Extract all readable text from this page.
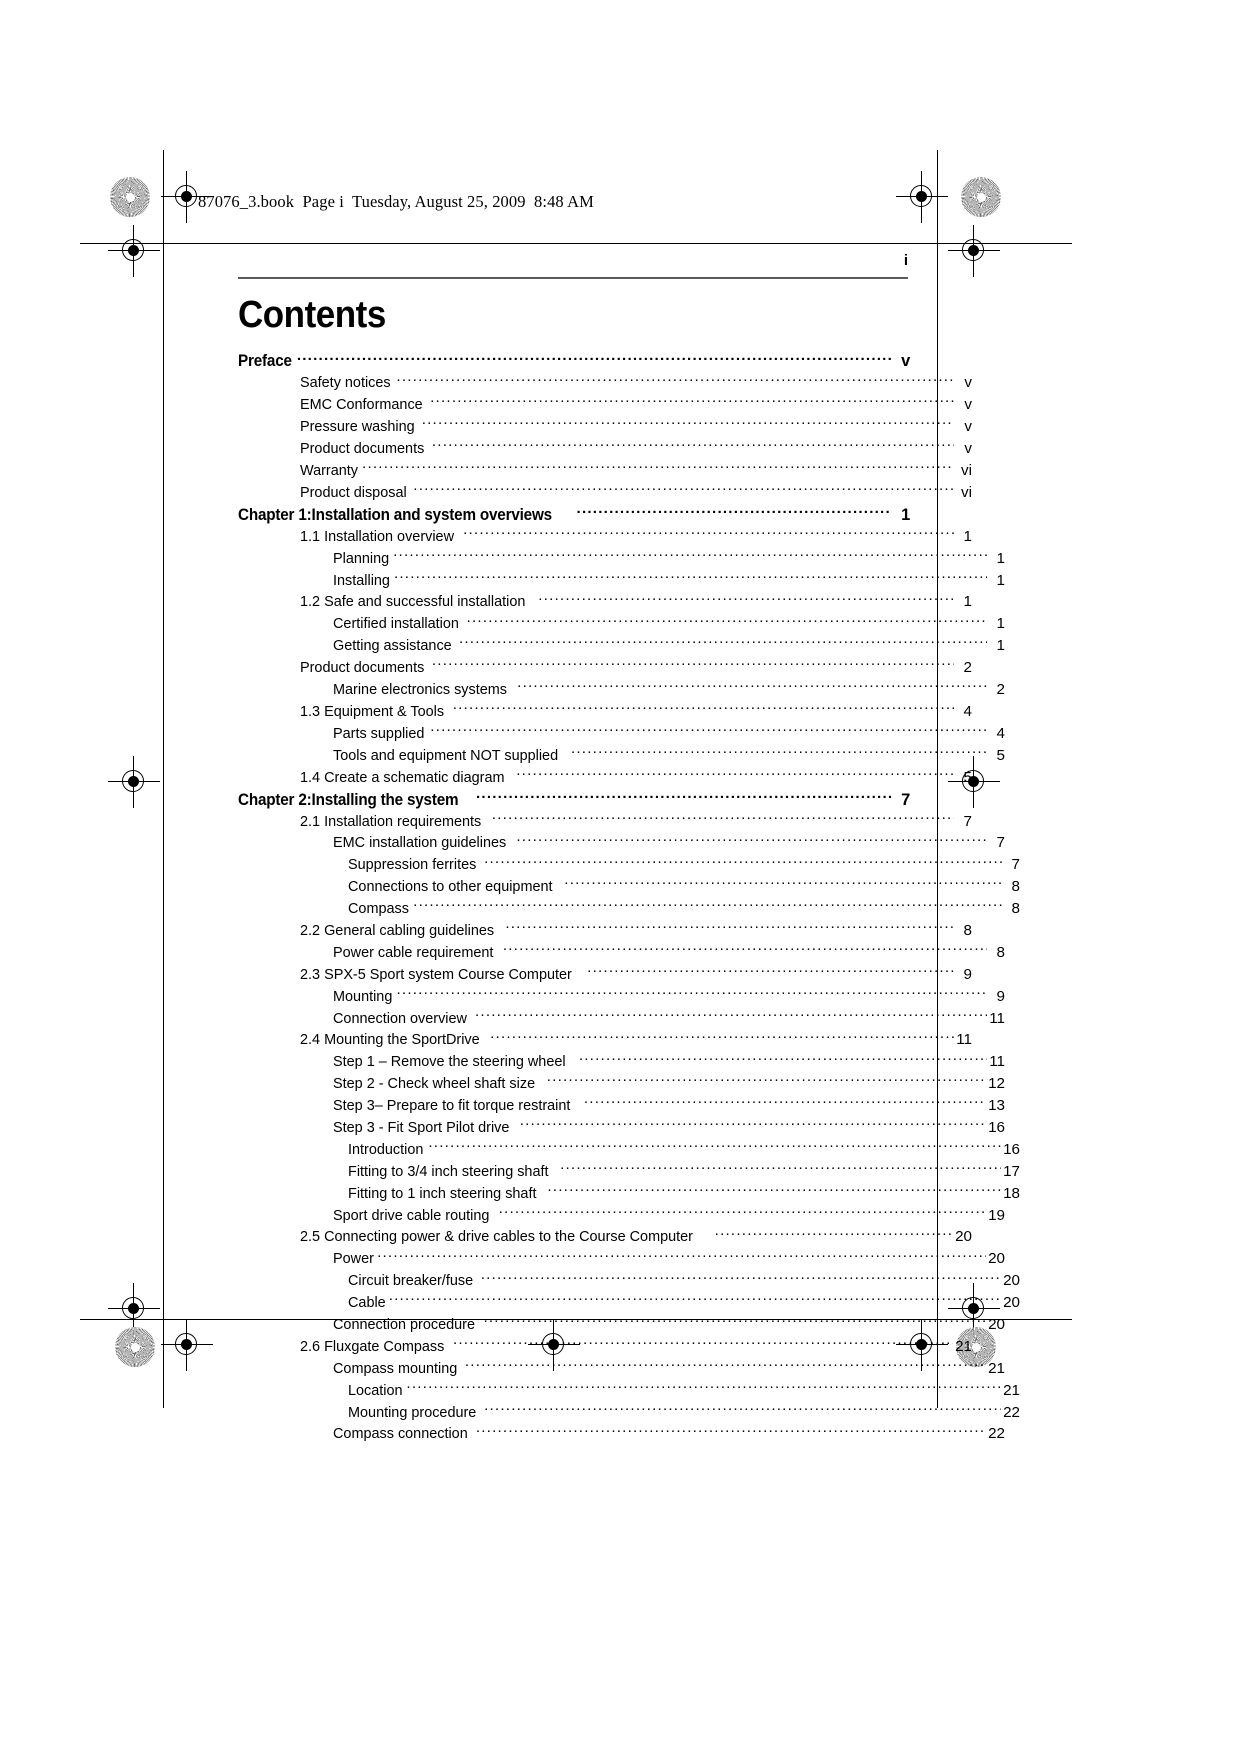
87076_3.book  Page i  Tuesday, August 25, 2009  8:48 AM
i
Contents
Preface .....	v
Safety notices .....	v
EMC Conformance .....	v
Pressure washing .....	v
Product documents .....	v
Warranty .....	vi
Product disposal .....	vi
Chapter 1:Installation and system overviews .....	1
1.1 Installation overview .....	1
Planning .....	1
Installing .....	1
1.2 Safe and successful installation .....	1
Certified installation .....	1
Getting assistance .....	1
Product documents .....	2
Marine electronics systems .....	2
1.3 Equipment & Tools .....	4
Parts supplied .....	4
Tools and equipment NOT supplied .....	5
1.4 Create a schematic diagram .....	5
Chapter 2:Installing the system .....	7
2.1 Installation requirements .....	7
EMC installation guidelines .....	7
Suppression ferrites .....	7
Connections to other equipment .....	8
Compass .....	8
2.2 General cabling guidelines .....	8
Power cable requirement .....	8
2.3 SPX-5 Sport system Course Computer .....	9
Mounting .....	9
Connection overview .....	11
2.4 Mounting the SportDrive .....	11
Step 1 – Remove the steering wheel .....	11
Step 2 - Check wheel shaft size .....	12
Step 3– Prepare to fit torque restraint .....	13
Step 3 - Fit Sport Pilot drive .....	16
Introduction .....	16
Fitting to 3/4 inch steering shaft .....	17
Fitting to 1 inch steering shaft .....	18
Sport drive cable routing .....	19
2.5 Connecting power & drive cables to the Course Computer .....	20
Power .....	20
Circuit breaker/fuse .....	20
Cable .....	20
Connection procedure .....	20
2.6 Fluxgate Compass .....	21
Compass mounting .....	21
Location .....	21
Mounting procedure .....	22
Compass connection .....	22
